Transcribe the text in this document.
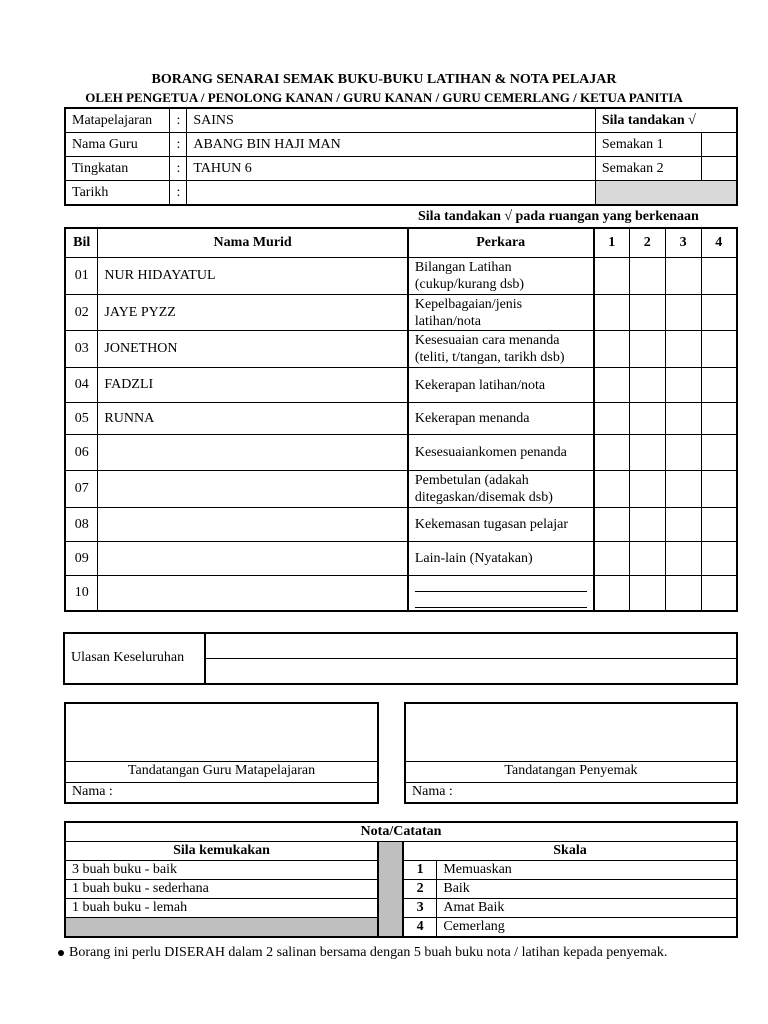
BORANG SENARAI SEMAK BUKU-BUKU LATIHAN & NOTA PELAJAR
OLEH PENGETUA / PENOLONG KANAN / GURU KANAN / GURU CEMERLANG / KETUA PANITIA
Matapelajaran	:	SAINS	Sila tandakan √	
Nama Guru	:	ABANG BIN HAJI MAN	Semakan 1	
Tingkatan	:	TAHUN 6	Semakan 2	
Tarikh	:			
Sila tandakan √ pada ruangan yang berkenaan
Bil	Nama Murid	Perkara	1	2	3	4
01	NUR HIDAYATUL	Bilangan Latihan
(cukup/kurang dsb)				

02	JAYE PYZZ	Kepelbagaian/jenis
latihan/nota				

03	JONETHON	Kesesuaian cara menanda
(teliti, t/tangan, tarikh dsb)				

04	FADZLI	Kekerapan latihan/nota				

05	RUNNA	Kekerapan menanda				

06		Kesesuaiankomen penanda				

07		Pembetulan (adakah
ditegaskan/disemak dsb)				

08		Kekemasan tugasan pelajar				

09		Lain-lain (Nyatakan)				

10		

Ulasan Keseluruhan
Tandatangan Guru Matapelajaran
Nama :
Tandatangan Penyemak
Nama :
Nota/Catatan			
Sila kemukakan		Skala	
3 buah buku - baik		1	Memuaskan
1 buah buku - sederhana		2	Baik
1 buah buku - lemah		3	Amat Baik
		4	Cemerlang
Borang ini perlu DISERAH dalam 2 salinan bersama dengan 5 buah buku nota / latihan kepada penyemak.
